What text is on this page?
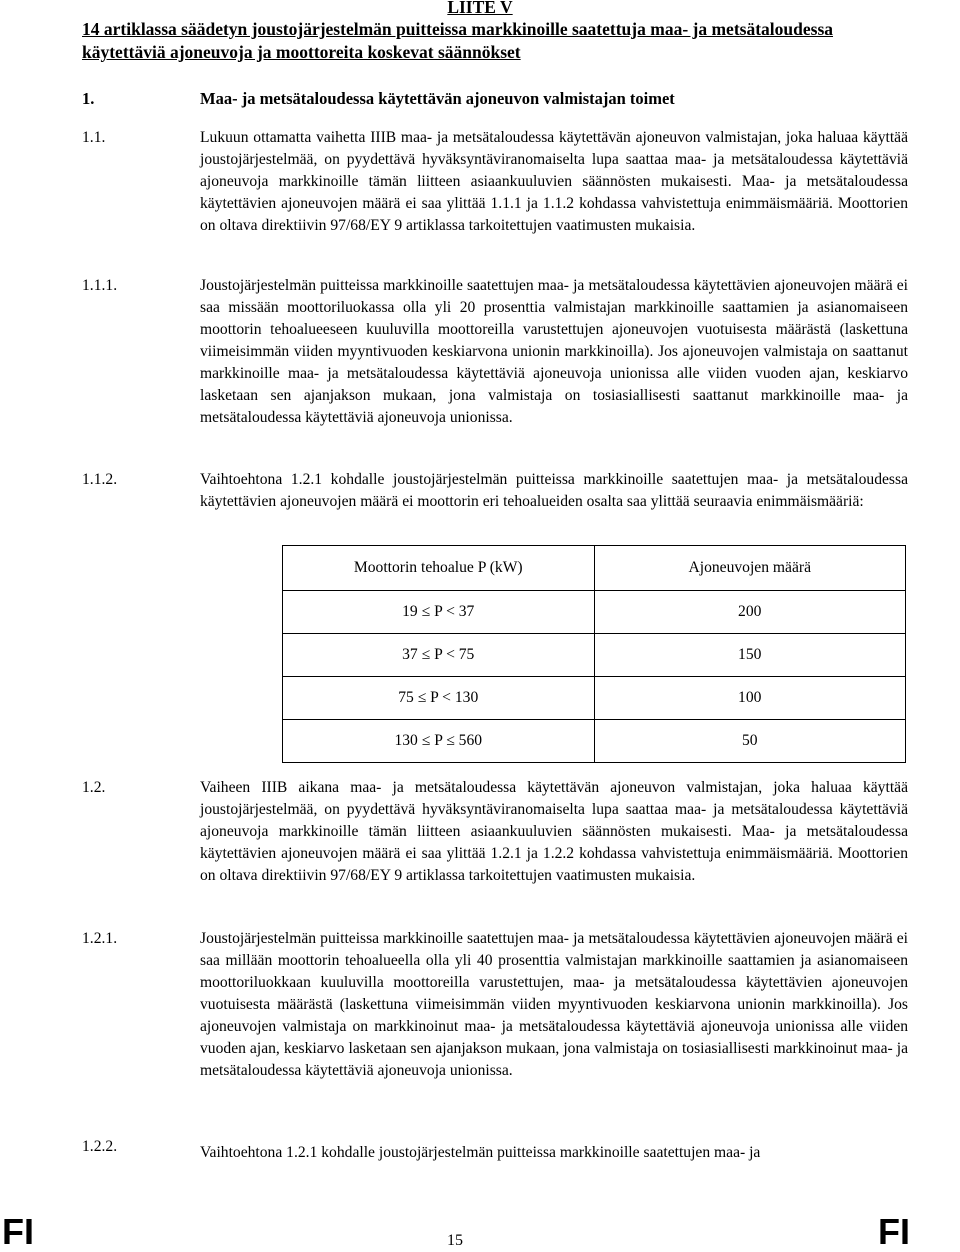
LIITE V
14 artiklassa säädetyn joustojärjestelmän puitteissa markkinoille saatettuja maa- ja metsätaloudessa käytettäviä ajoneuvoja ja moottoreita koskevat säännökset
1.	Maa- ja metsätaloudessa käytettävän ajoneuvon valmistajan toimet
1.1.	Lukuun ottamatta vaihetta IIIB maa- ja metsätaloudessa käytettävän ajoneuvon valmistajan, joka haluaa käyttää joustojärjestelmää, on pyydettävä hyväksyntäviranomaiselta lupa saattaa maa- ja metsätaloudessa käytettäviä ajoneuvoja markkinoille tämän liitteen asiaankuuluvien säännösten mukaisesti. Maa- ja metsätaloudessa käytettävien ajoneuvojen määrä ei saa ylittää 1.1.1 ja 1.1.2 kohdassa vahvistettuja enimmäismääriä. Moottorien on oltava direktiivin 97/68/EY 9 artiklassa tarkoitettujen vaatimusten mukaisia.
1.1.1.	Joustojärjestelmän puitteissa markkinoille saatettujen maa- ja metsätaloudessa käytettävien ajoneuvojen määrä ei saa missään moottoriluokassa olla yli 20 prosenttia valmistajan markkinoille saattamien ja asianomaiseen moottorin tehoalueeseen kuuluvilla moottoreilla varustettujen ajoneuvojen vuotuisesta määrästä (laskettuna viimeisimmän viiden myyntivuoden keskiarvona unionin markkinoilla). Jos ajoneuvojen valmistaja on saattanut markkinoille maa- ja metsätaloudessa käytettäviä ajoneuvoja unionissa alle viiden vuoden ajan, keskiarvo lasketaan sen ajanjakson mukaan, jona valmistaja on tosiasiallisesti saattanut markkinoille maa- ja metsätaloudessa käytettäviä ajoneuvoja unionissa.
1.1.2.	Vaihtoehtona 1.2.1 kohdalle joustojärjestelmän puitteissa markkinoille saatettujen maa- ja metsätaloudessa käytettävien ajoneuvojen määrä ei moottorin eri tehoalueiden osalta saa ylittää seuraavia enimmäismääriä:
Moottorin tehoalue P (kW)	Ajoneuvojen määrä
19 ≤ P < 37	200
37 ≤ P < 75	150
75 ≤ P < 130	100
130 ≤ P ≤ 560	50
1.2.	Vaiheen IIIB aikana maa- ja metsätaloudessa käytettävän ajoneuvon valmistajan, joka haluaa käyttää joustojärjestelmää, on pyydettävä hyväksyntäviranomaiselta lupa saattaa maa- ja metsätaloudessa käytettäviä ajoneuvoja markkinoille tämän liitteen asiaankuuluvien säännösten mukaisesti. Maa- ja metsätaloudessa käytettävien ajoneuvojen määrä ei saa ylittää 1.2.1 ja 1.2.2 kohdassa vahvistettuja enimmäismääriä. Moottorien on oltava direktiivin 97/68/EY 9 artiklassa tarkoitettujen vaatimusten mukaisia.
1.2.1.	Joustojärjestelmän puitteissa markkinoille saatettujen maa- ja metsätaloudessa käytettävien ajoneuvojen määrä ei saa millään moottorin tehoalueella olla yli 40 prosenttia valmistajan markkinoille saattamien ja asianomaiseen moottoriluokkaan kuuluvilla moottoreilla varustettujen, maa- ja metsätaloudessa käytettävien ajoneuvojen vuotuisesta määrästä (laskettuna viimeisimmän viiden myyntivuoden keskiarvona unionin markkinoilla). Jos ajoneuvojen valmistaja on markkinoinut maa- ja metsätaloudessa käytettäviä ajoneuvoja unionissa alle viiden vuoden ajan, keskiarvo lasketaan sen ajanjakson mukaan, jona valmistaja on tosiasiallisesti markkinoinut maa- ja metsätaloudessa käytettäviä ajoneuvoja unionissa.
1.2.2.	Vaihtoehtona 1.2.1 kohdalle joustojärjestelmän puitteissa markkinoille saatettujen maa- ja
FI	15	FI
